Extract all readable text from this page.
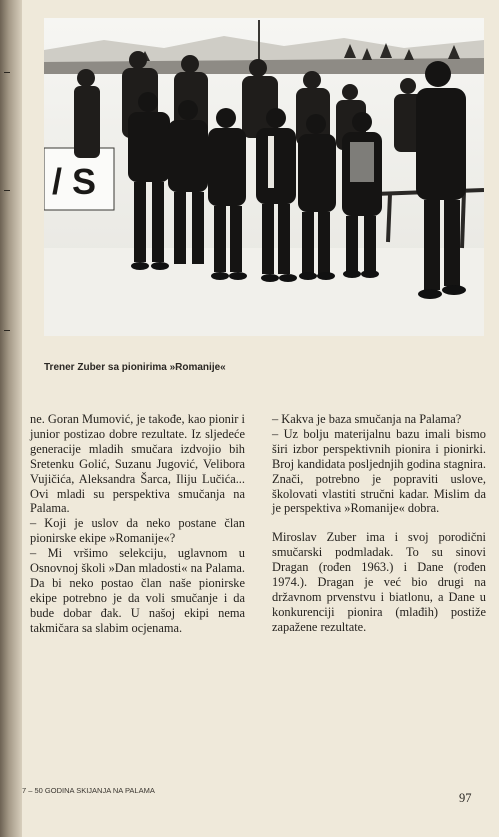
/ S
Trener Zuber sa pionirima »Romanije«

ne. Goran Mumović, je takođe, kao pionir i junior postizao dobre rezultate. Iz sljedeće generacije mladih smučara izdvojio bih Sretenku Golić, Suzanu Jugović, Velibora Vujičića, Aleksandra Šarca, Iliju Lučića... Ovi mladi su perspektiva smučanja na Palama.

– Koji je uslov da neko postane član pionirske ekipe »Romanije«?

– Mi vršimo selekciju, uglavnom u Osnovnoj školi »Dan mladosti« na Palama. Da bi neko postao član naše pionirske ekipe potrebno je da voli smučanje i da bude dobar đak. U našoj ekipi nema takmičara sa slabim ocjenama.

– Kakva je baza smučanja na Palama?

– Uz bolju materijalnu bazu imali bismo širi izbor perspektivnih pionira i pionirki. Broj kandidata posljednjih godina stagnira. Znači, potrebno je popraviti uslove, školovati vlastiti stručni kadar. Mislim da je perspektiva »Romanije« dobra.

Miroslav Zuber ima i svoj porodični smučarski podmladak. To su sinovi Dragan (rođen 1963.) i Dane (rođen 1974.). Dragan je već bio drugi na državnom prvenstvu i biatlonu, a Dane u konkurenciji pionira (mlađih) postiže zapažene rezultate.

7 – 50 GODINA SKIJANJA NA PALAMA
97
